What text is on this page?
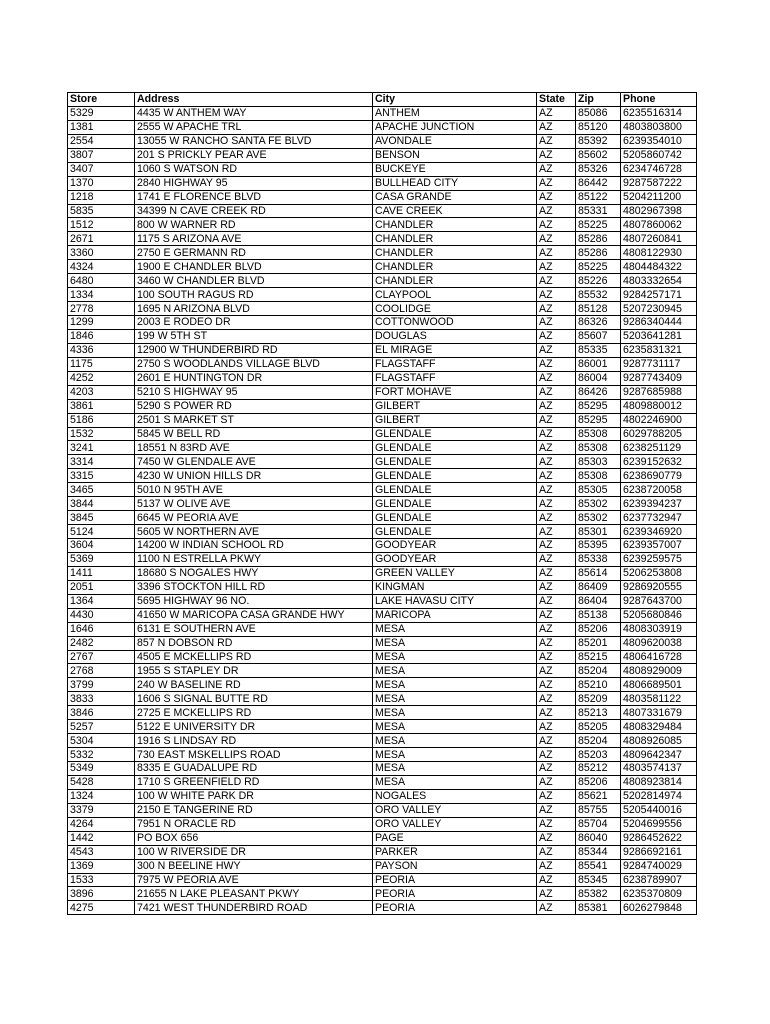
Store	Address	City	State	Zip	Phone
5329	4435 W ANTHEM WAY	ANTHEM	AZ	85086	6235516314
1381	2555 W APACHE TRL	APACHE JUNCTION	AZ	85120	4803803800
2554	13055 W RANCHO SANTA FE BLVD	AVONDALE	AZ	85392	6239354010
3807	201 S PRICKLY PEAR AVE	BENSON	AZ	85602	5205860742
3407	1060 S WATSON RD	BUCKEYE	AZ	85326	6234746728
1370	2840 HIGHWAY 95	BULLHEAD CITY	AZ	86442	9287587222
1218	1741 E FLORENCE BLVD	CASA GRANDE	AZ	85122	5204211200
5835	34399 N CAVE CREEK RD	CAVE CREEK	AZ	85331	4802967398
1512	800 W WARNER RD	CHANDLER	AZ	85225	4807860062
2671	1175 S ARIZONA AVE	CHANDLER	AZ	85286	4807260841
3360	2750 E GERMANN RD	CHANDLER	AZ	85286	4808122930
4324	1900 E CHANDLER BLVD	CHANDLER	AZ	85225	4804484322
6480	3460 W CHANDLER BLVD	CHANDLER	AZ	85226	4803332654
1334	100 SOUTH RAGUS RD	CLAYPOOL	AZ	85532	9284257171
2778	1695 N ARIZONA BLVD	COOLIDGE	AZ	85128	5207230945
1299	2003 E RODEO DR	COTTONWOOD	AZ	86326	9286340444
1846	199 W 5TH ST	DOUGLAS	AZ	85607	5203641281
4336	12900 W THUNDERBIRD RD	EL MIRAGE	AZ	85335	6235831321
1175	2750 S WOODLANDS VILLAGE BLVD	FLAGSTAFF	AZ	86001	9287731117
4252	2601 E HUNTINGTON DR	FLAGSTAFF	AZ	86004	9287743409
4203	5210 S HIGHWAY 95	FORT MOHAVE	AZ	86426	9287685988
3861	5290 S POWER RD	GILBERT	AZ	85295	4809880012
5186	2501 S MARKET ST	GILBERT	AZ	85295	4802246900
1532	5845 W BELL RD	GLENDALE	AZ	85308	6029788205
3241	18551 N 83RD AVE	GLENDALE	AZ	85308	6238251129
3314	7450 W GLENDALE AVE	GLENDALE	AZ	85303	6239152632
3315	4230 W UNION HILLS DR	GLENDALE	AZ	85308	6238690779
3465	5010 N 95TH AVE	GLENDALE	AZ	85305	6238720058
3844	5137 W OLIVE AVE	GLENDALE	AZ	85302	6239394237
3845	6645 W PEORIA AVE	GLENDALE	AZ	85302	6237732947
5124	5605 W NORTHERN AVE	GLENDALE	AZ	85301	6239346920
3604	14200 W INDIAN SCHOOL RD	GOODYEAR	AZ	85395	6239357007
5369	1100 N ESTRELLA PKWY	GOODYEAR	AZ	85338	6239259575
1411	18680 S NOGALES HWY	GREEN VALLEY	AZ	85614	5206253808
2051	3396 STOCKTON HILL RD	KINGMAN	AZ	86409	9286920555
1364	5695 HIGHWAY 96 NO.	LAKE HAVASU CITY	AZ	86404	9287643700
4430	41650 W MARICOPA CASA GRANDE HWY	MARICOPA	AZ	85138	5205680846
1646	6131 E SOUTHERN AVE	MESA	AZ	85206	4808303919
2482	857 N DOBSON RD	MESA	AZ	85201	4809620038
2767	4505 E MCKELLIPS RD	MESA	AZ	85215	4806416728
2768	1955 S STAPLEY DR	MESA	AZ	85204	4808929009
3799	240 W BASELINE RD	MESA	AZ	85210	4806689501
3833	1606 S SIGNAL BUTTE RD	MESA	AZ	85209	4803581122
3846	2725 E MCKELLIPS RD	MESA	AZ	85213	4807331679
5257	5122 E UNIVERSITY DR	MESA	AZ	85205	4808329484
5304	1916 S LINDSAY RD	MESA	AZ	85204	4808926085
5332	730 EAST MSKELLIPS ROAD	MESA	AZ	85203	4809642347
5349	8335 E GUADALUPE RD	MESA	AZ	85212	4803574137
5428	1710 S GREENFIELD RD	MESA	AZ	85206	4808923814
1324	100 W WHITE PARK DR	NOGALES	AZ	85621	5202814974
3379	2150 E TANGERINE RD	ORO VALLEY	AZ	85755	5205440016
4264	7951 N ORACLE RD	ORO VALLEY	AZ	85704	5204699556
1442	PO BOX 656	PAGE	AZ	86040	9286452622
4543	100 W RIVERSIDE DR	PARKER	AZ	85344	9286692161
1369	300 N BEELINE HWY	PAYSON	AZ	85541	9284740029
1533	7975 W PEORIA AVE	PEORIA	AZ	85345	6238789907
3896	21655 N LAKE PLEASANT PKWY	PEORIA	AZ	85382	6235370809
4275	7421 WEST THUNDERBIRD ROAD	PEORIA	AZ	85381	6026279848
